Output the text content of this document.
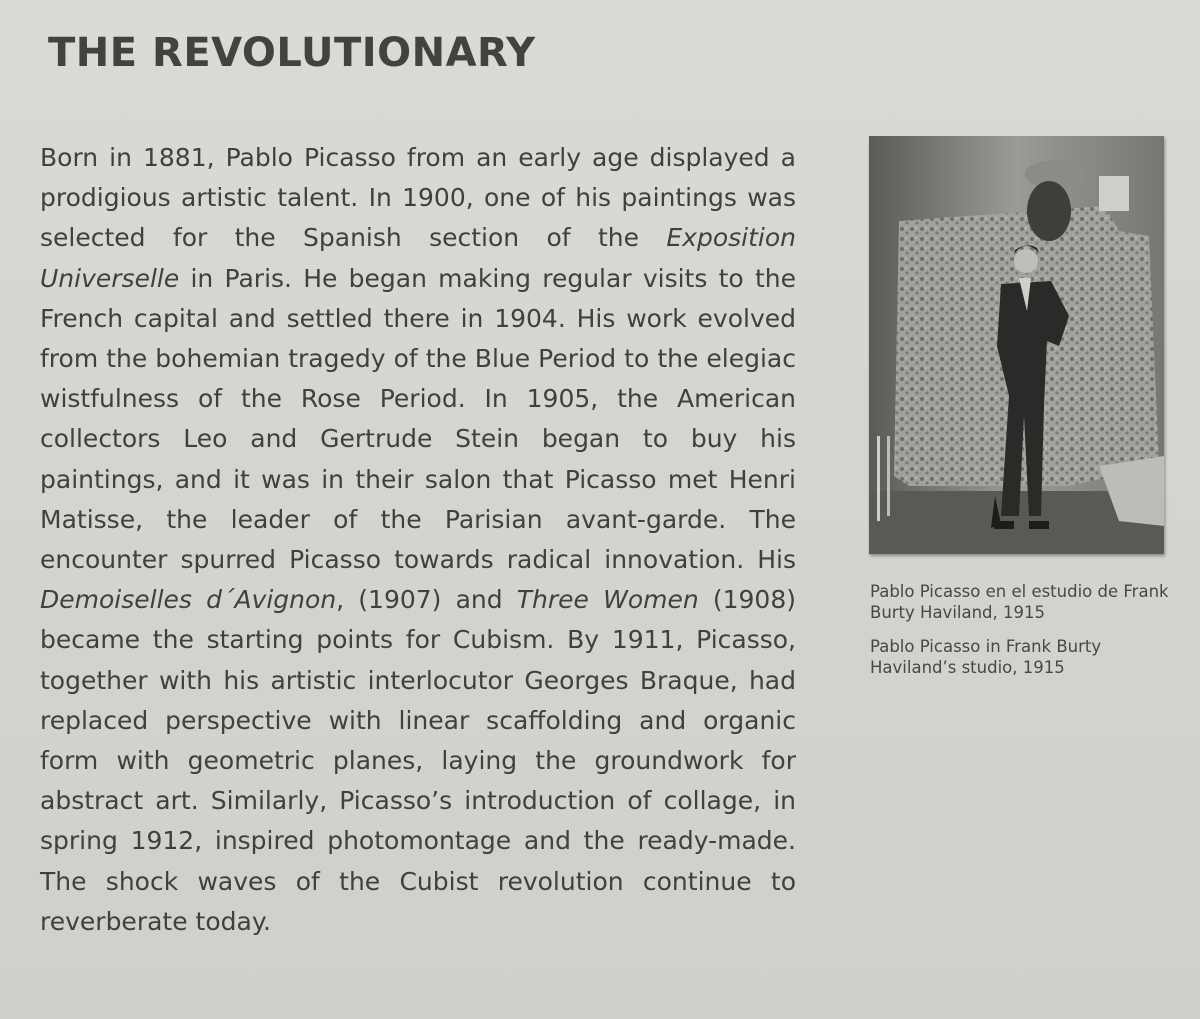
THE REVOLUTIONARY

Born in 1881, Pablo Picasso from an early age displayed a prodigious artistic talent. In 1900, one of his paintings was selected for the Spanish section of the Exposition Universelle in Paris. He began making regular visits to the French capital and settled there in 1904. His work evolved from the bohemian tragedy of the Blue Period to the elegiac wistfulness of the Rose Period. In 1905, the American collectors Leo and Gertrude Stein began to buy his paintings, and it was in their salon that Picasso met Henri Matisse, the leader of the Parisian avant-garde. The encounter spurred Picasso towards radical innovation. His Demoiselles d´Avignon, (1907) and Three Women (1908) became the starting points for Cubism. By 1911, Picasso, together with his artistic interlocutor Georges Braque, had replaced perspective with linear scaffolding and organic form with geometric planes, laying the groundwork for abstract art. Similarly, Picasso’s introduction of collage, in spring 1912, inspired photomontage and the ready-made. The shock waves of the Cubist revolution continue to reverberate today.

Pablo Picasso en el estudio de Frank Burty Haviland, 1915

Pablo Picasso in Frank Burty Haviland’s studio, 1915
